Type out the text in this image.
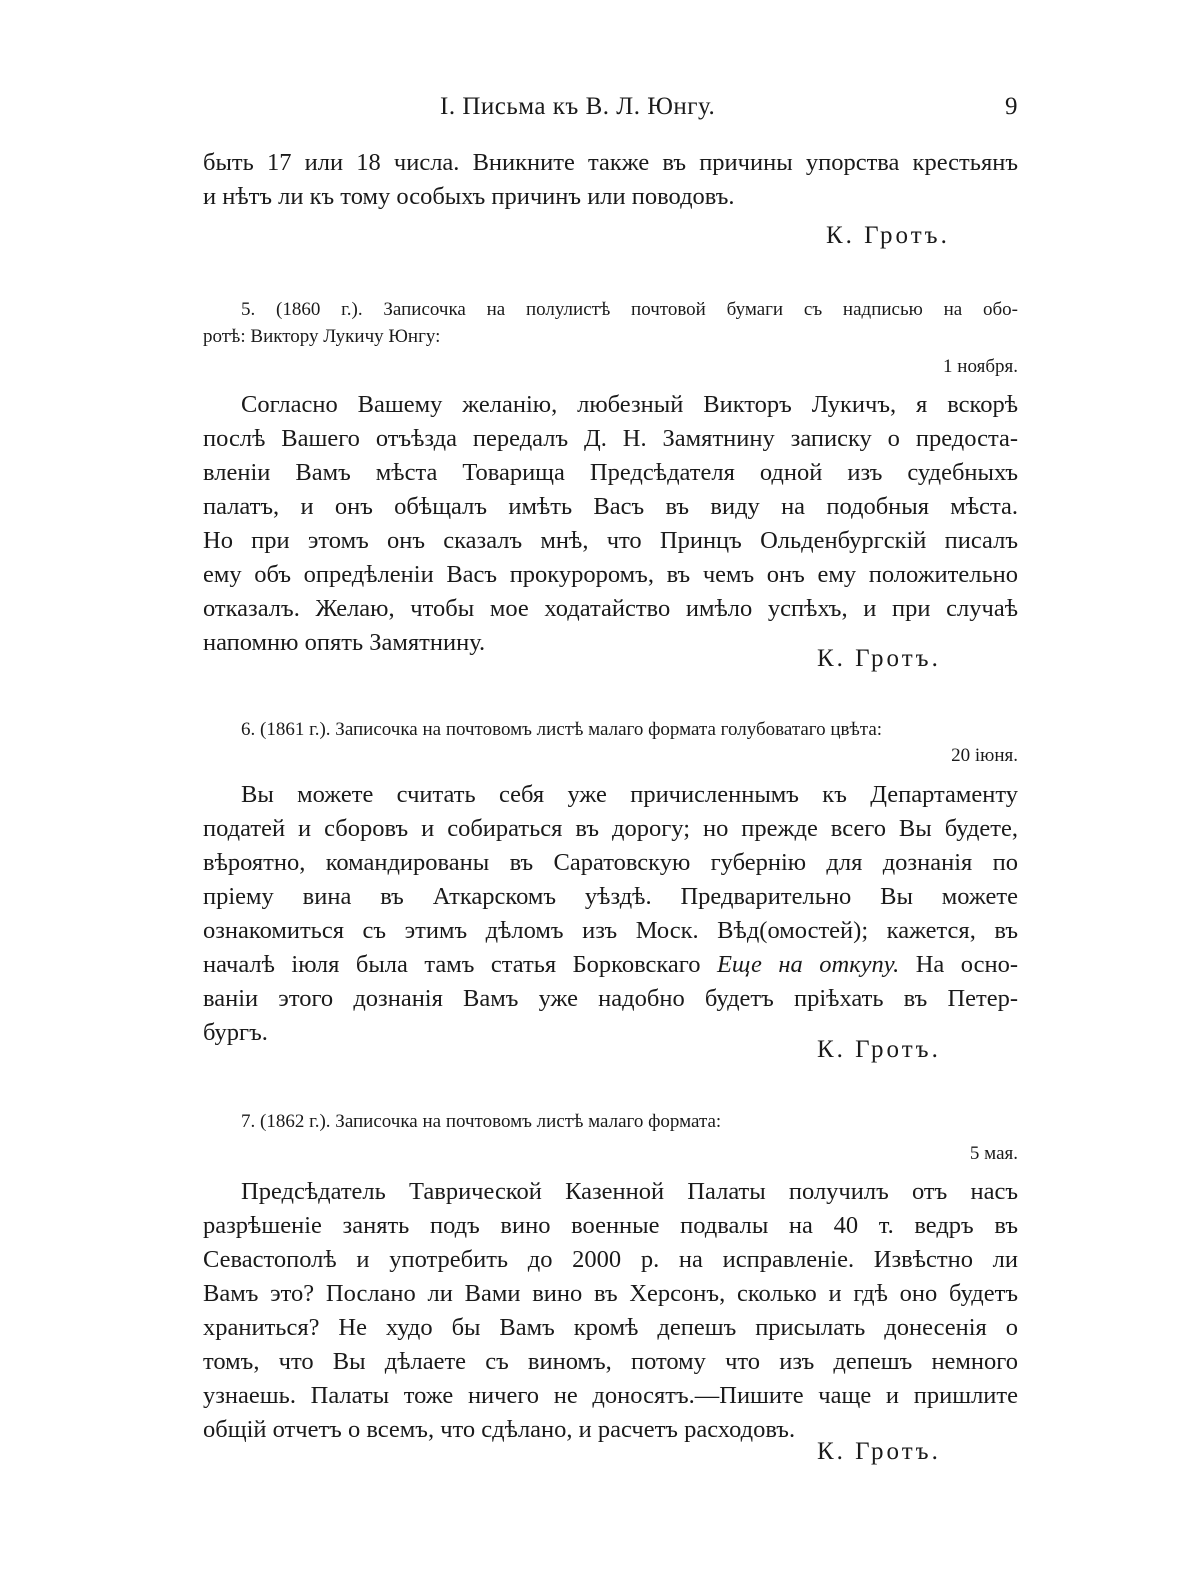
I. Письма къ В. Л. Юнгу.	9
быть 17 или 18 числа. Вникните также въ причины упорства крестьянъ
и нѣтъ ли къ тому особыхъ причинъ или поводовъ.
К. Гротъ.
5. (1860 г.). Записочка на полулистѣ почтовой бумаги съ надписью на обо-
ротѣ: Виктору Лукичу Юнгу:
1 ноября.
Согласно Вашему желанію, любезный Викторъ Лукичъ, я вскорѣ
послѣ Вашего отъѣзда передалъ Д. Н. Замятнину записку о предоста-
вленіи Вамъ мѣста Товарища Предсѣдателя одной изъ судебныхъ
палатъ, и онъ обѣщалъ имѣть Васъ въ виду на подобныя мѣста.
Но при этомъ онъ сказалъ мнѣ, что Принцъ Ольденбургскій писалъ
ему объ опредѣленіи Васъ прокуроромъ, въ чемъ онъ ему положительно
отказалъ. Желаю, чтобы мое ходатайство имѣло успѣхъ, и при случаѣ
напомню опять Замятнину.
К. Гротъ.
6. (1861 г.). Записочка на почтовомъ листѣ малаго формата голубоватаго цвѣта:
20 іюня.
Вы можете считать себя уже причисленнымъ къ Департаменту
податей и сборовъ и собираться въ дорогу; но прежде всего Вы будете,
вѣроятно, командированы въ Саратовскую губернію для дознанія по
пріему вина въ Аткарскомъ уѣздѣ. Предварительно Вы можете
ознакомиться съ этимъ дѣломъ изъ Моск. Вѣд(омостей); кажется, въ
началѣ іюля была тамъ статья Борковскаго Еще на откупу. На осно-
ваніи этого дознанія Вамъ уже надобно будетъ пріѣхать въ Петер-
бургъ.
К. Гротъ.
7. (1862 г.). Записочка на почтовомъ листѣ малаго формата:
5 мая.
Предсѣдатель Таврической Казенной Палаты получилъ отъ насъ
разрѣшеніе занять подъ вино военные подвалы на 40 т. ведръ въ
Севастополѣ и употребить до 2000 р. на исправленіе. Извѣстно ли
Вамъ это? Послано ли Вами вино въ Херсонъ, сколько и гдѣ оно будетъ
храниться? Не худо бы Вамъ кромѣ депешъ присылать донесенія о
томъ, что Вы дѣлаете съ виномъ, потому что изъ депешъ немного
узнаешь. Палаты тоже ничего не доносятъ.—Пишите чаще и пришлите
общій отчетъ о всемъ, что сдѣлано, и расчетъ расходовъ.
К. Гротъ.
